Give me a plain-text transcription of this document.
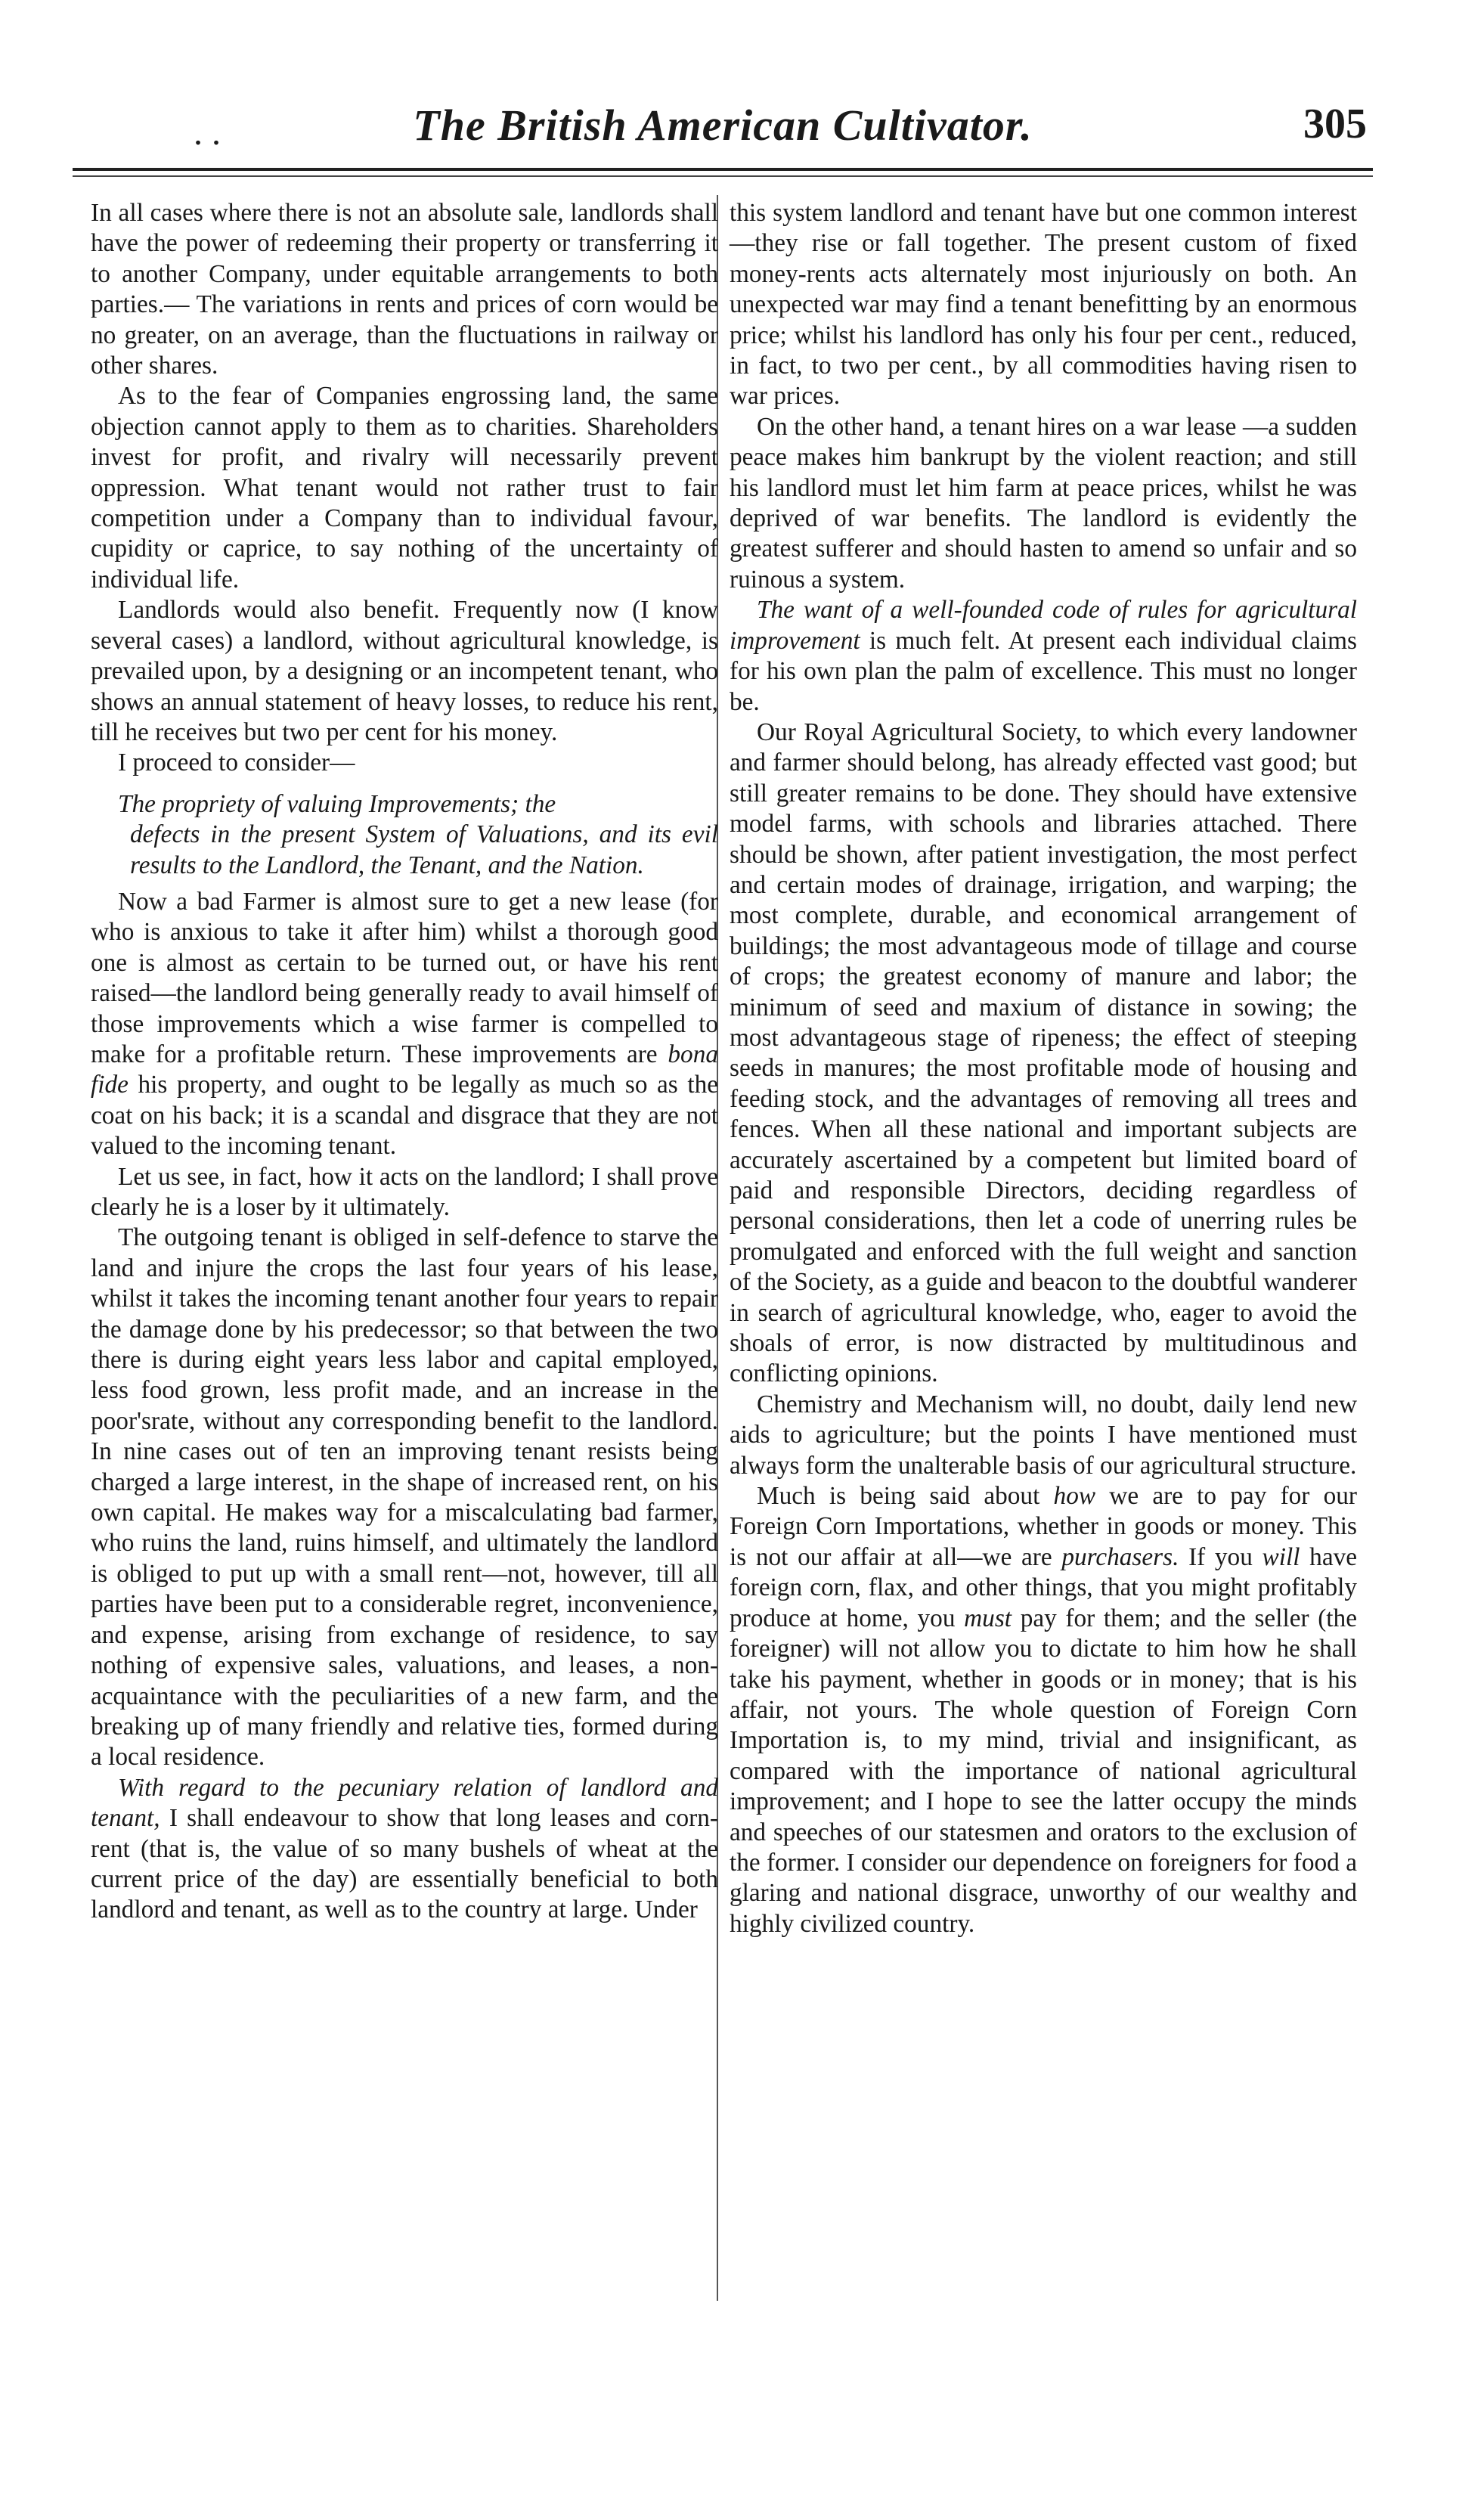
. .	The British American Cultivator.	305

In all cases where there is not an absolute sale, landlords shall have the power of redeeming their property or transferring it to another Company, under equitable arrangements to both parties.— The variations in rents and prices of corn would be no greater, on an average, than the fluctuations in railway or other shares.

As to the fear of Companies engrossing land, the same objection cannot apply to them as to charities. Shareholders invest for profit, and rivalry will necessarily prevent oppression. What tenant would not rather trust to fair competition under a Company than to individual favour, cupidity or caprice, to say nothing of the uncertainty of individual life.

Landlords would also benefit. Frequently now (I know several cases) a landlord, without agricultural knowledge, is prevailed upon, by a designing or an incompetent tenant, who shows an annual statement of heavy losses, to reduce his rent, till he receives but two per cent for his money.

I proceed to consider—

The propriety of valuing Improvements; the
defects in the present System of Valuations, and its evil results to the Landlord, the Tenant, and the Nation.

Now a bad Farmer is almost sure to get a new lease (for who is anxious to take it after him) whilst a thorough good one is almost as certain to be turned out, or have his rent raised—the landlord being generally ready to avail himself of those improvements which a wise farmer is compelled to make for a profitable return. These improvements are bona fide his property, and ought to be legally as much so as the coat on his back; it is a scandal and disgrace that they are not valued to the incoming tenant.

Let us see, in fact, how it acts on the landlord; I shall prove clearly he is a loser by it ultimately.

The outgoing tenant is obliged in self-defence to starve the land and injure the crops the last four years of his lease, whilst it takes the incoming tenant another four years to repair the damage done by his predecessor; so that between the two there is during eight years less labor and capital employed, less food grown, less profit made, and an increase in the poor'srate, without any corresponding benefit to the landlord. In nine cases out of ten an improving tenant resists being charged a large interest, in the shape of increased rent, on his own capital. He makes way for a miscalculating bad farmer, who ruins the land, ruins himself, and ultimately the landlord is obliged to put up with a small rent—not, however, till all parties have been put to a considerable regret, inconvenience, and expense, arising from exchange of residence, to say nothing of expensive sales, valuations, and leases, a non-acquaintance with the peculiarities of a new farm, and the breaking up of many friendly and relative ties, formed during a local residence.

With regard to the pecuniary relation of landlord and tenant, I shall endeavour to show that long leases and corn-rent (that is, the value of so many bushels of wheat at the current price of the day) are essentially beneficial to both landlord and tenant, as well as to the country at large. Under

this system landlord and tenant have but one common interest—they rise or fall together. The present custom of fixed money-rents acts alternately most injuriously on both. An unexpected war may find a tenant benefitting by an enormous price; whilst his landlord has only his four per cent., reduced, in fact, to two per cent., by all commodities having risen to war prices.

On the other hand, a tenant hires on a war lease —a sudden peace makes him bankrupt by the violent reaction; and still his landlord must let him farm at peace prices, whilst he was deprived of war benefits. The landlord is evidently the greatest sufferer and should hasten to amend so unfair and so ruinous a system.

The want of a well-founded code of rules for agricultural improvement is much felt. At present each individual claims for his own plan the palm of excellence. This must no longer be.

Our Royal Agricultural Society, to which every landowner and farmer should belong, has already effected vast good; but still greater remains to be done. They should have extensive model farms, with schools and libraries attached. There should be shown, after patient investigation, the most perfect and certain modes of drainage, irrigation, and warping; the most complete, durable, and economical arrangement of buildings; the most advantageous mode of tillage and course of crops; the greatest economy of manure and labor; the minimum of seed and maxium of distance in sowing; the most advantageous stage of ripeness; the effect of steeping seeds in manures; the most profitable mode of housing and feeding stock, and the advantages of removing all trees and fences. When all these national and important subjects are accurately ascertained by a competent but limited board of paid and responsible Directors, deciding regardless of personal considerations, then let a code of unerring rules be promulgated and enforced with the full weight and sanction of the Society, as a guide and beacon to the doubtful wanderer in search of agricultural knowledge, who, eager to avoid the shoals of error, is now distracted by multitudinous and conflicting opinions.

Chemistry and Mechanism will, no doubt, daily lend new aids to agriculture; but the points I have mentioned must always form the unalterable basis of our agricultural structure.

Much is being said about how we are to pay for our Foreign Corn Importations, whether in goods or money. This is not our affair at all—we are purchasers. If you will have foreign corn, flax, and other things, that you might profitably produce at home, you must pay for them; and the seller (the foreigner) will not allow you to dictate to him how he shall take his payment, whether in goods or in money; that is his affair, not yours. The whole question of Foreign Corn Importation is, to my mind, trivial and insignificant, as compared with the importance of national agricultural improvement; and I hope to see the latter occupy the minds and speeches of our statesmen and orators to the exclusion of the former. I consider our dependence on foreigners for food a glaring and national disgrace, unworthy of our wealthy and highly civilized country.
